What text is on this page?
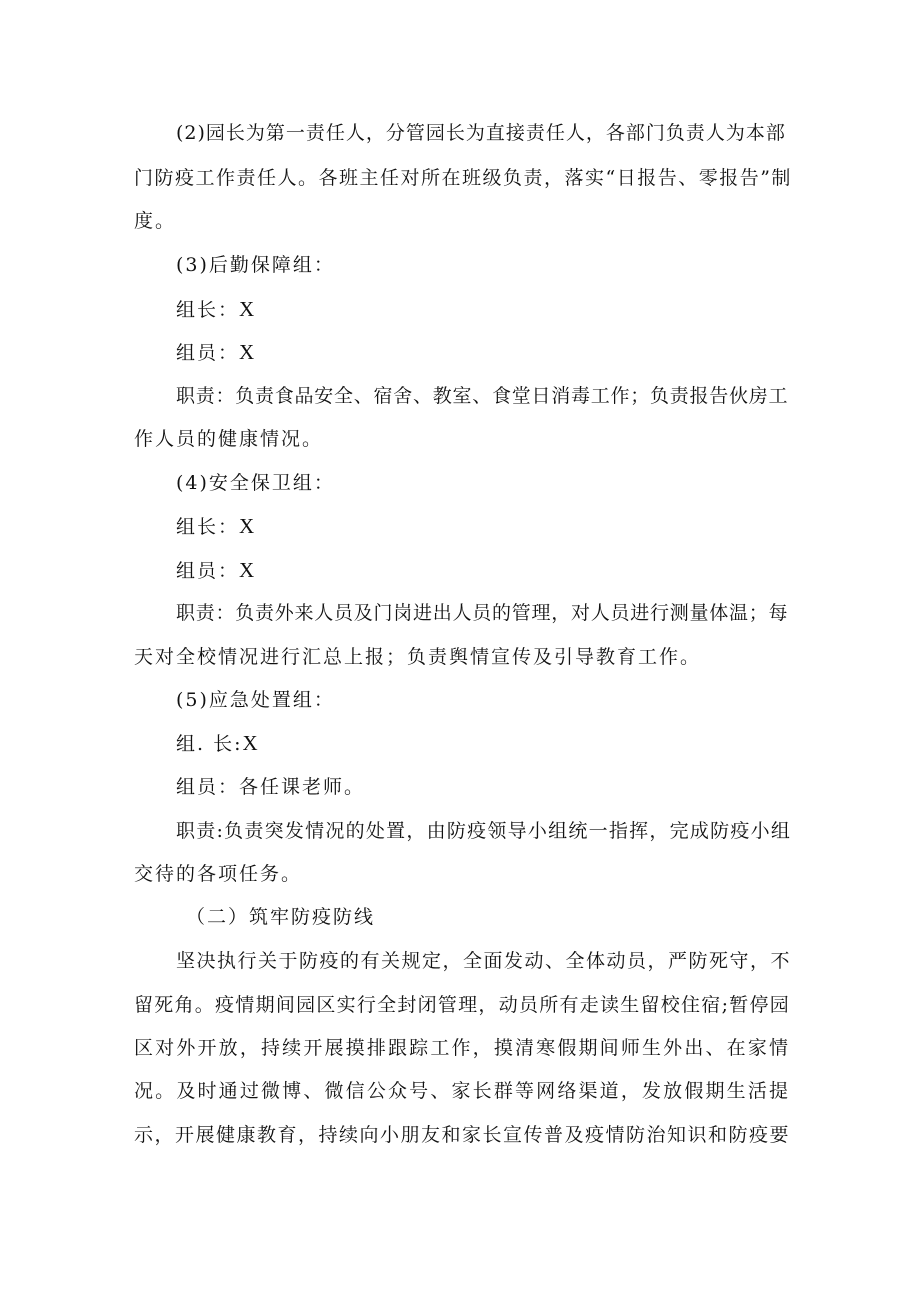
(2)园长为第一责任人，分管园长为直接责任人，各部门负责人为本部

门防疫工作责任人。各班主任对所在班级负责，落实“日报告、零报告”制

度。

(3)后勤保障组：

组长：X

组员：X

职责：负责食品安全、宿舍、教室、食堂日消毒工作；负责报告伙房工

作人员的健康情况。

(4)安全保卫组：

组长：X

组员：X

职责：负责外来人员及门岗进出人员的管理，对人员进行测量体温；每

天对全校情况进行汇总上报；负责舆情宣传及引导教育工作。

(5)应急处置组：

组. 长:X

组员：各任课老师。

职责:负责突发情况的处置，由防疫领导小组统一指挥，完成防疫小组

交待的各项任务。

（二）筑牢防疫防线

坚决执行关于防疫的有关规定，全面发动、全体动员，严防死守，不

留死角。疫情期间园区实行全封闭管理，动员所有走读生留校住宿;暂停园

区对外开放，持续开展摸排跟踪工作，摸清寒假期间师生外出、在家情

况。及时通过微博、微信公众号、家长群等网络渠道，发放假期生活提

示，开展健康教育，持续向小朋友和家长宣传普及疫情防治知识和防疫要
